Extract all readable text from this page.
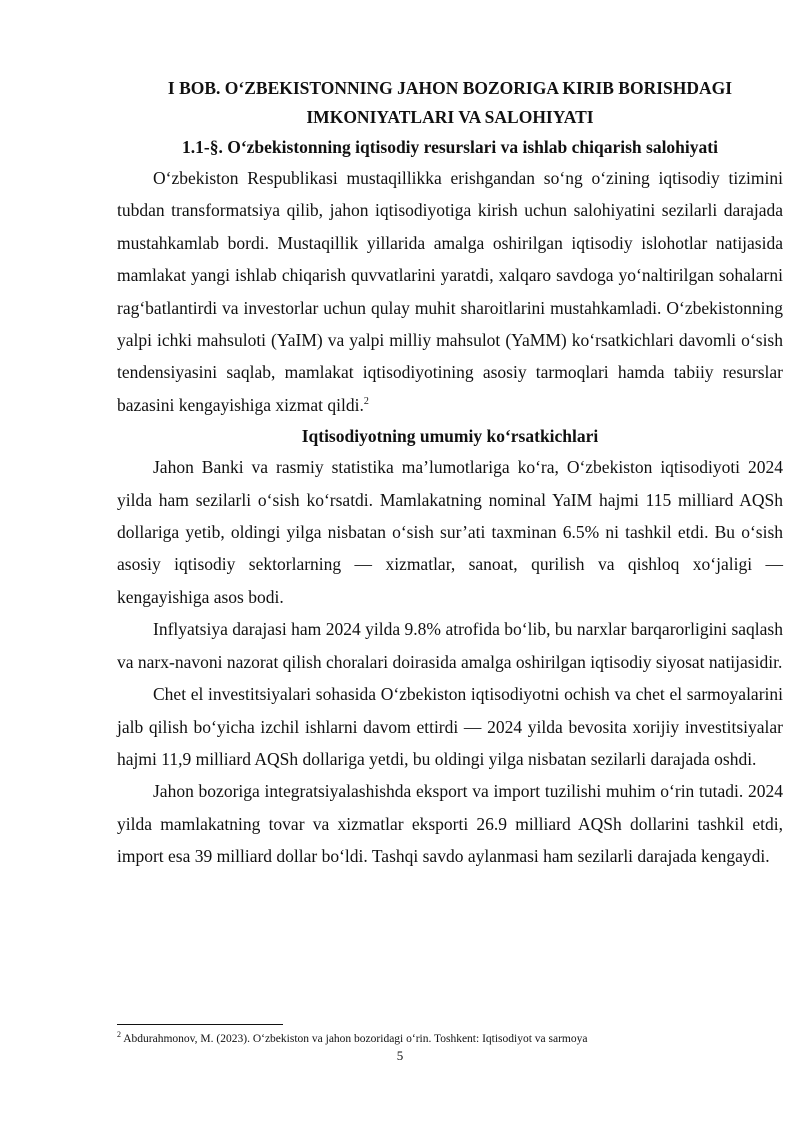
I BOB. O‘ZBEKISTONNING JAHON BOZORIGA KIRIB BORISHDAGI
IMKONIYATLARI VA SALOHIYATI
1.1-§. O‘zbekistonning iqtisodiy resurslari va ishlab chiqarish salohiyati

O‘zbekiston Respublikasi mustaqillikka erishgandan so‘ng o‘zining iqtisodiy tizimini tubdan transformatsiya qilib, jahon iqtisodiyotiga kirish uchun salohiyatini sezilarli darajada mustahkamlab bordi. Mustaqillik yillarida amalga oshirilgan iqtisodiy islohotlar natijasida mamlakat yangi ishlab chiqarish quvvatlarini yaratdi, xalqaro savdoga yo‘naltirilgan sohalarni rag‘batlantirdi va investorlar uchun qulay muhit sharoitlarini mustahkamladi. O‘zbekistonning yalpi ichki mahsuloti (YaIM) va yalpi milliy mahsulot (YaMM) ko‘rsatkichlari davomli o‘sish tendensiyasini saqlab, mamlakat iqtisodiyotining asosiy tarmoqlari hamda tabiiy resurslar bazasini kengayishiga xizmat qildi.$^2$

Iqtisodiyotning umumiy ko‘rsatkichlari

Jahon Banki va rasmiy statistika ma’lumotlariga ko‘ra, O‘zbekiston iqtisodiyoti 2024 yilda ham sezilarli o‘sish ko‘rsatdi. Mamlakatning nominal YaIM hajmi 115 milliard AQSh dollariga yetib, oldingi yilga nisbatan o‘sish sur’ati taxminan 6.5% ni tashkil etdi. Bu o‘sish asosiy iqtisodiy sektorlarning — xizmatlar, sanoat, qurilish va qishloq xo‘jaligi — kengayishiga asos bodi.

Inflyatsiya darajasi ham 2024 yilda 9.8% atrofida bo‘lib, bu narxlar barqarorligini saqlash va narx-navoni nazorat qilish choralari doirasida amalga oshirilgan iqtisodiy siyosat natijasidir.

Chet el investitsiyalari sohasida O‘zbekiston iqtisodiyotni ochish va chet el sarmoyalarini jalb qilish bo‘yicha izchil ishlarni davom ettirdi — 2024 yilda bevosita xorijiy investitsiyalar hajmi 11,9 milliard AQSh dollariga yetdi, bu oldingi yilga nisbatan sezilarli darajada oshdi.

Jahon bozoriga integratsiyalashishda eksport va import tuzilishi muhim o‘rin tutadi. 2024 yilda mamlakatning tovar va xizmatlar eksporti 26.9 milliard AQSh dollarini tashkil etdi, import esa 39 milliard dollar bo‘ldi. Tashqi savdo aylanmasi ham sezilarli darajada kengaydi.

$^2$ Abdurahmonov, M. (2023). O‘zbekiston va jahon bozoridagi o‘rin. Toshkent: Iqtisodiyot va sarmoya
5
